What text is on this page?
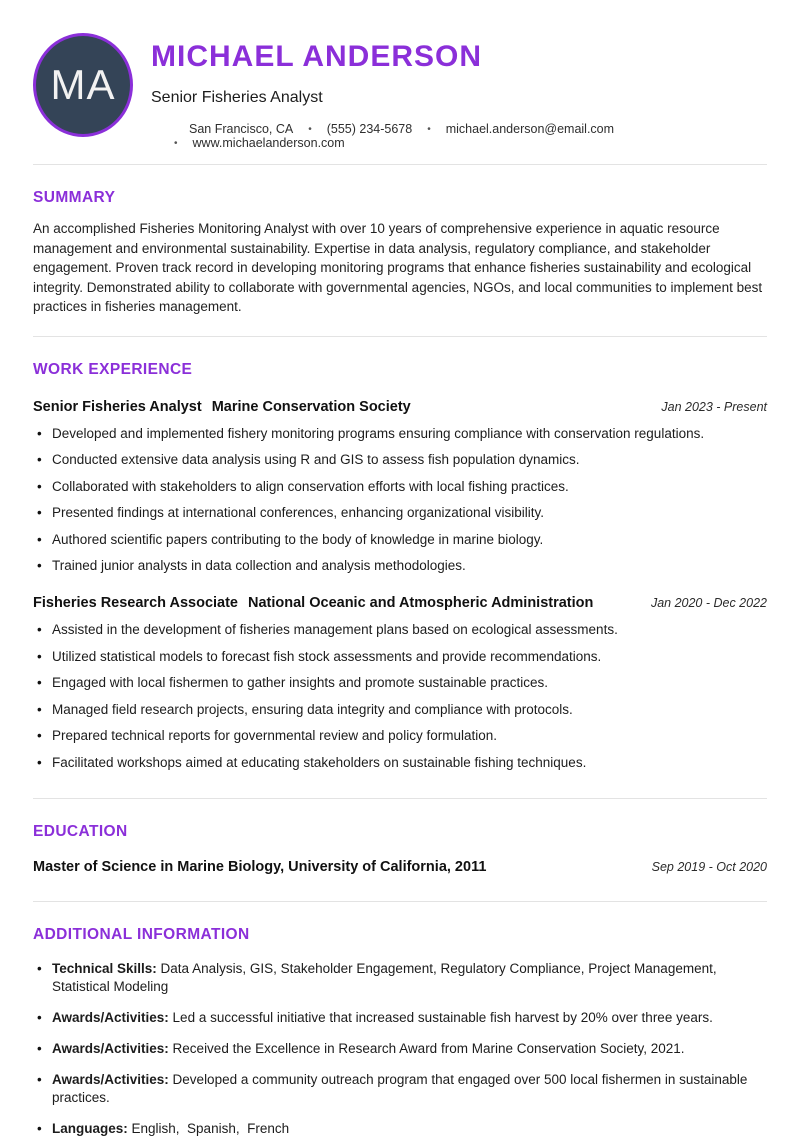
MA
MICHAEL ANDERSON
Senior Fisheries Analyst
San Francisco, CA • (555) 234-5678 • michael.anderson@email.com
• www.michaelanderson.com
SUMMARY

An accomplished Fisheries Monitoring Analyst with over 10 years of comprehensive experience in aquatic resource management and environmental sustainability. Expertise in data analysis, regulatory compliance, and stakeholder engagement. Proven track record in developing monitoring programs that enhance fisheries sustainability and ecological integrity. Demonstrated ability to collaborate with governmental agencies, NGOs, and local communities to implement best practices in fisheries management.

WORK EXPERIENCE
Senior Fisheries Analyst Marine Conservation Society	Jan 2023 - Present
• Developed and implemented fishery monitoring programs ensuring compliance with conservation regulations.
• Conducted extensive data analysis using R and GIS to assess fish population dynamics.
• Collaborated with stakeholders to align conservation efforts with local fishing practices.
• Presented findings at international conferences, enhancing organizational visibility.
• Authored scientific papers contributing to the body of knowledge in marine biology.
• Trained junior analysts in data collection and analysis methodologies.
Fisheries Research Associate National Oceanic and Atmospheric Administration	Jan 2020 - Dec 2022
• Assisted in the development of fisheries management plans based on ecological assessments.
• Utilized statistical models to forecast fish stock assessments and provide recommendations.
• Engaged with local fishermen to gather insights and promote sustainable practices.
• Managed field research projects, ensuring data integrity and compliance with protocols.
• Prepared technical reports for governmental review and policy formulation.
• Facilitated workshops aimed at educating stakeholders on sustainable fishing techniques.
EDUCATION
Master of Science in Marine Biology, University of California, 2011	Sep 2019 - Oct 2020
ADDITIONAL INFORMATION
• Technical Skills: Data Analysis, GIS, Stakeholder Engagement, Regulatory Compliance, Project Management, Statistical Modeling
• Awards/Activities: Led a successful initiative that increased sustainable fish harvest by 20% over three years.
• Awards/Activities: Received the Excellence in Research Award from Marine Conservation Society, 2021.
• Awards/Activities: Developed a community outreach program that engaged over 500 local fishermen in sustainable practices.
• Languages: English,  Spanish,  French
